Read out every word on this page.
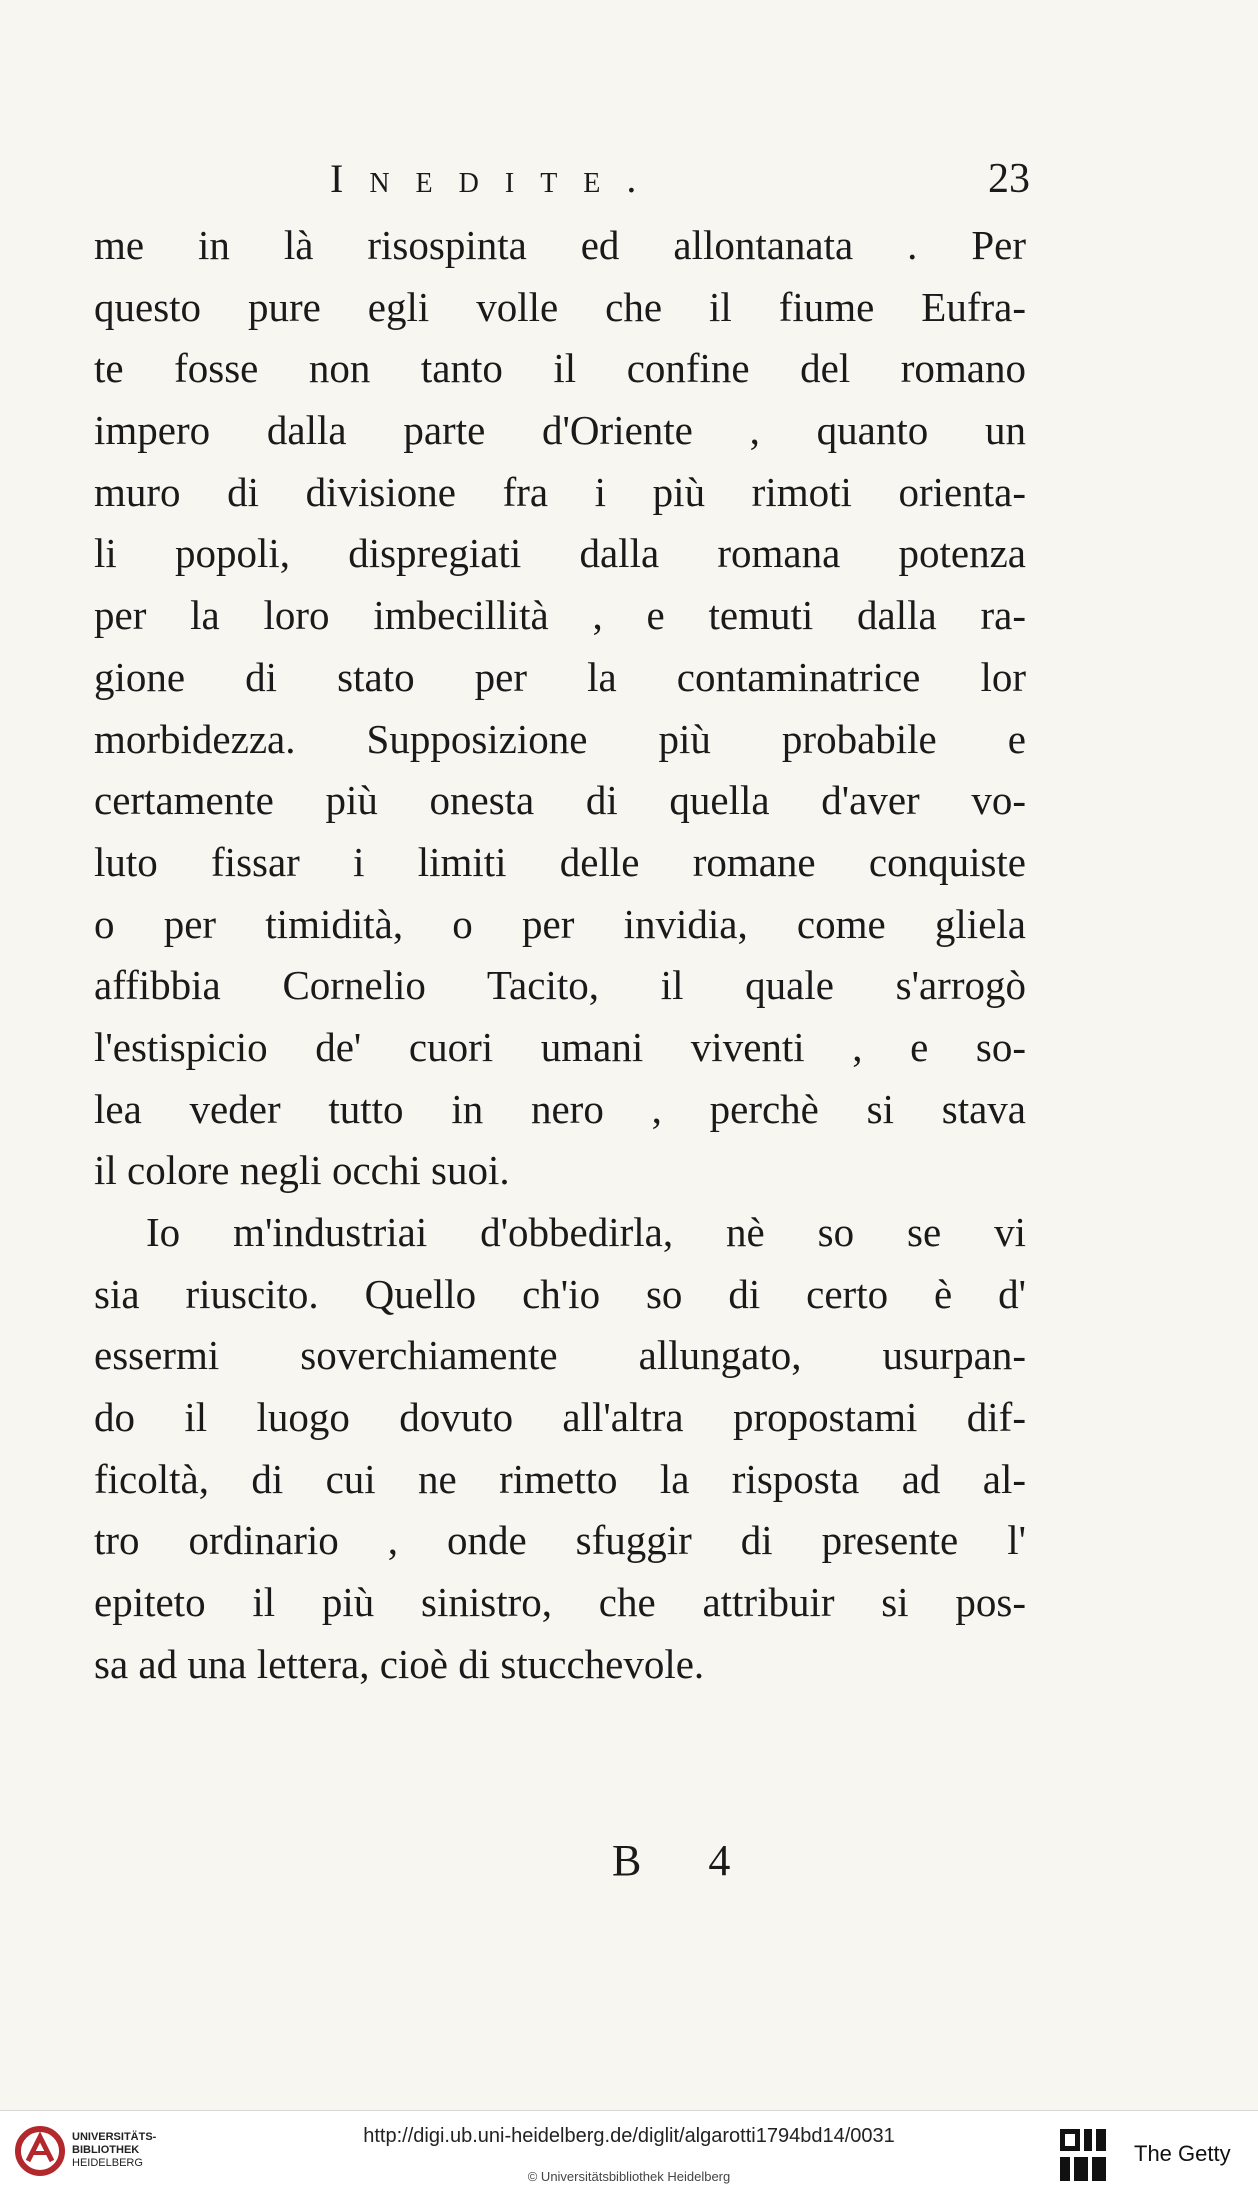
Inedite.	23
me in là risospinta ed allontanata . Per
questo pure egli volle che il fiume Eufra-
te fosse non tanto il confine del romano
impero dalla parte d'Oriente , quanto un
muro di divisione fra i più rimoti orienta-
li popoli, dispregiati dalla romana potenza
per la loro imbecillità , e temuti dalla ra-
gione di stato per la contaminatrice lor
morbidezza. Supposizione più probabile e
certamente più onesta di quella d'aver vo-
luto fissar i limiti delle romane conquiste
o per timidità, o per invidia, come gliela
affibbia Cornelio Tacito, il quale s'arrogò
l'estispicio de' cuori umani viventi , e so-
lea veder tutto in nero , perchè si stava
il colore negli occhi suoi.
Io m'industriai d'obbedirla, nè so se vi
sia riuscito. Quello ch'io so di certo è d'
essermi soverchiamente allungato, usurpan-
do il luogo dovuto all'altra propostami dif-
ficoltà, di cui ne rimetto la risposta ad al-
tro ordinario , onde sfuggir di presente l'
epiteto il più sinistro, che attribuir si pos-
sa ad una lettera, cioè di stucchevole.
B 4
UNIVERSITÄTS-
BIBLIOTHEK
HEIDELBERG
http://digi.ub.uni-heidelberg.de/diglit/algarotti1794bd14/0031
© Universitätsbibliothek Heidelberg
The Getty
